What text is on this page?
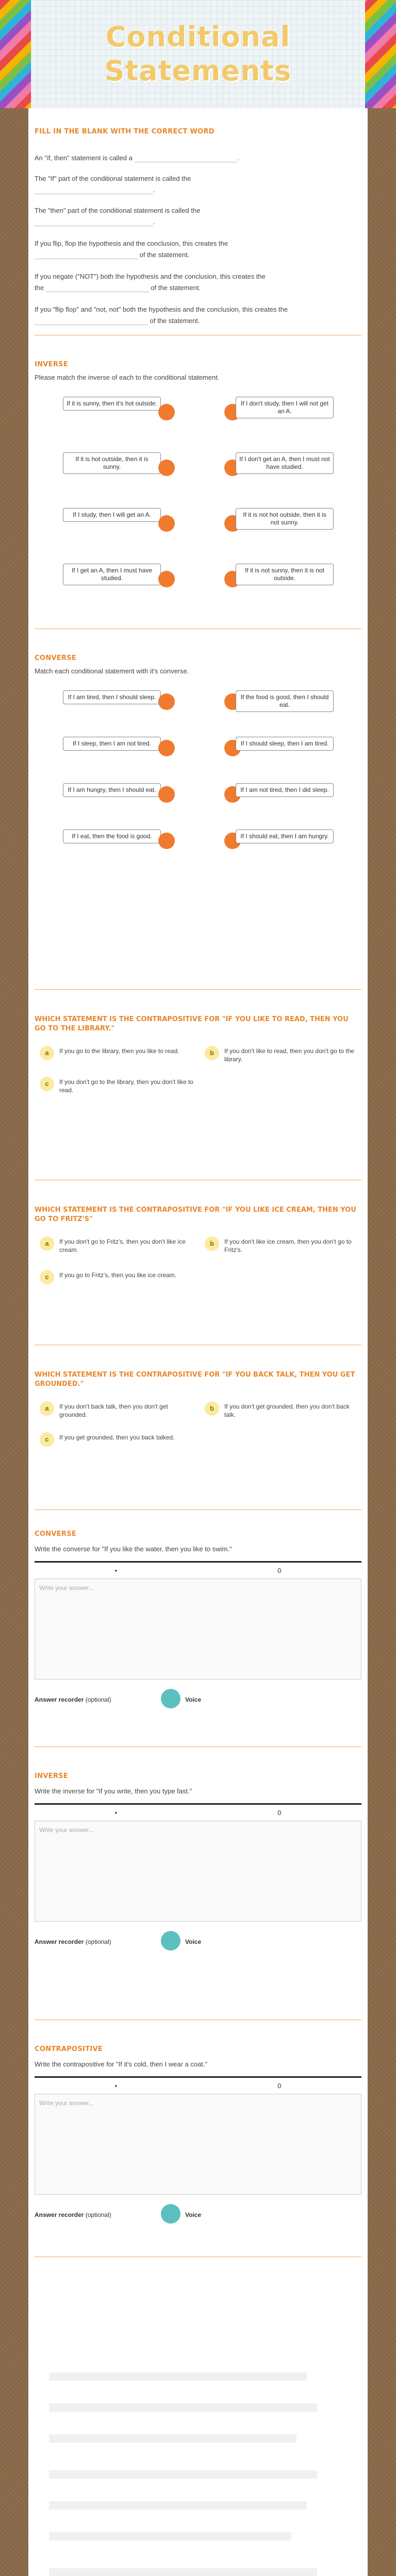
Conditional Statements
FILL IN THE BLANK WITH THE CORRECT WORD
An "if, then" statement is called a	.
The "If" part of the conditional statement is called the
.
The "then" part of the conditional statement is called the
.
If you flip, flop the hypothesis and the conclusion, this creates the
of the statement.
If you negate ("NOT") both the hypothesis and the conclusion, this creates the
the	of the statement.
If you "flip flop" and "not, not" both the hypothesis and the conclusion, this creates the
of the statement.
INVERSE
Please match the inverse of each to the conditional statement.
If it is sunny, then it's hot outside.	If I don't study, then I will not get an A.
If it is hot outside, then it is sunny.
If I don't get an A, then I must not have studied.
If I study, then I will get an A.	If it is not hot outside, then it is not sunny.
If I get an A, then I must have studied.
If it is not sunny, then it is not outside.
CONVERSE
Match each conditional statement with it's converse.
If I am tired, then I should sleep.	If the food is good, then I should eat.
If I sleep, then I am not tired.	If I should sleep, then I am tired.
If I am hungry, then I should eat.	If I am not tired, then I did sleep.
If I eat, then the food is good.	If I should eat, then I am hungry.
WHICH STATEMENT IS THE CONTRAPOSITIVE FOR "IF YOU LIKE TO READ, THEN YOU GO TO THE LIBRARY."
a	If you go to the library, then you like to read.	b	If you don't like to read, then you don't go to the library.
c	If you don't go to the library, then you don't like to read.
WHICH STATEMENT IS THE CONTRAPOSITIVE FOR "IF YOU LIKE ICE CREAM, THEN YOU GO TO FRITZ'S"
a	If you don't go to Fritz's, then you don't like ice cream.
b	If you don't like ice cream, then you don't go to Fritz's.
c	If you go to Fritz's, then you like ice cream.
WHICH STATEMENT IS THE CONTRAPOSITIVE FOR "IF YOU BACK TALK, THEN YOU GET GROUNDED."
a	If you don't back talk, then you don't get grounded.
b	If you don't get grounded, then you don't back talk.
c	If you get grounded, then you back talked.
CONVERSE
Write the converse for "If you like the water, then you like to swim."
•	0
Write your answer...
Answer recorder (optional)	Voice
INVERSE
Write the inverse for "If you write, then you type fast."
•	0
Write your answer...
Answer recorder (optional)	Voice
CONTRAPOSITIVE
Write the contrapositive for "If it's cold, then I wear a coat."
•	0
Write your answer...
Answer recorder (optional)	Voice
